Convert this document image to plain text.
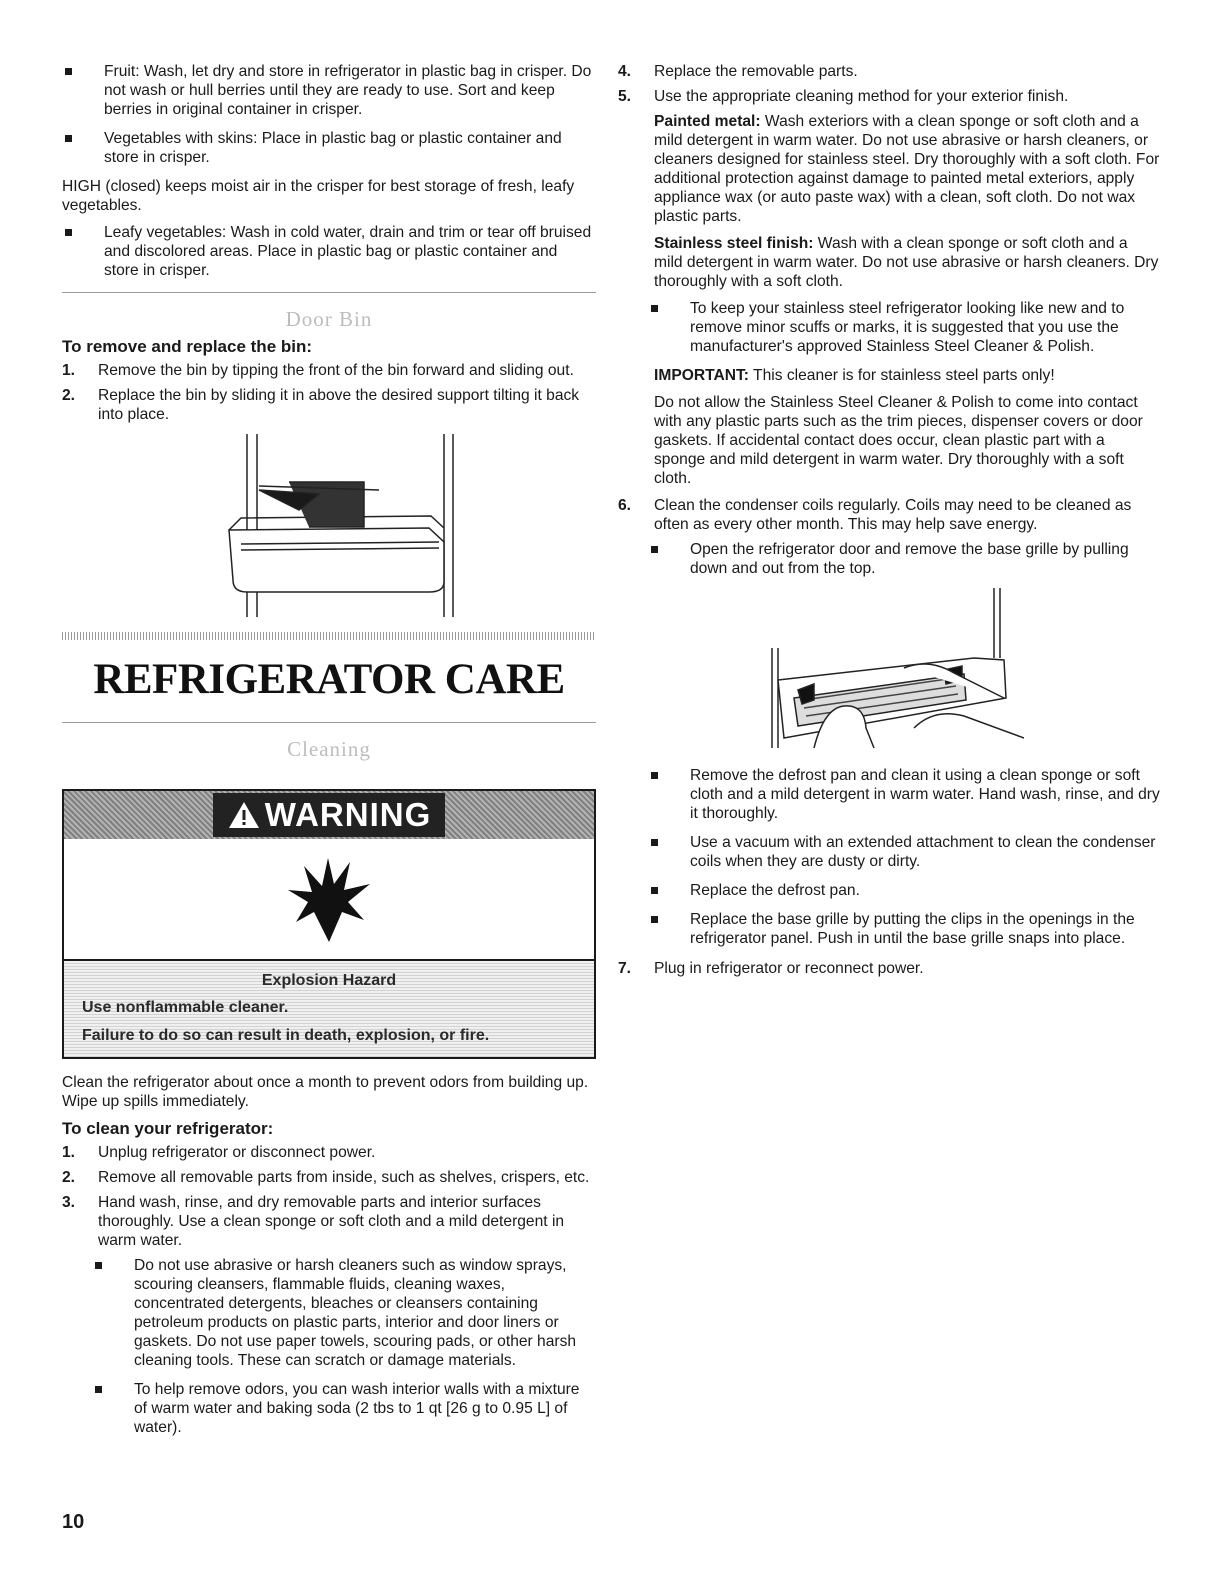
Fruit: Wash, let dry and store in refrigerator in plastic bag in crisper. Do not wash or hull berries until they are ready to use. Sort and keep berries in original container in crisper.
Vegetables with skins: Place in plastic bag or plastic container and store in crisper.

HIGH (closed) keeps moist air in the crisper for best storage of fresh, leafy vegetables.

Leafy vegetables: Wash in cold water, drain and trim or tear off bruised and discolored areas. Place in plastic bag or plastic container and store in crisper.
Door Bin
To remove and replace the bin:
1. Remove the bin by tipping the front of the bin forward and sliding out.
2. Replace the bin by sliding it in above the desired support tilting it back into place.
REFRIGERATOR CARE
Cleaning
WARNING
Explosion Hazard
Use nonflammable cleaner.
Failure to do so can result in death, explosion, or fire.

Clean the refrigerator about once a month to prevent odors from building up. Wipe up spills immediately.

To clean your refrigerator:
1. Unplug refrigerator or disconnect power.
2. Remove all removable parts from inside, such as shelves, crispers, etc.
3. Hand wash, rinse, and dry removable parts and interior surfaces thoroughly. Use a clean sponge or soft cloth and a mild detergent in warm water.
Do not use abrasive or harsh cleaners such as window sprays, scouring cleansers, flammable fluids, cleaning waxes, concentrated detergents, bleaches or cleansers containing petroleum products on plastic parts, interior and door liners or gaskets. Do not use paper towels, scouring pads, or other harsh cleaning tools. These can scratch or damage materials.
To help remove odors, you can wash interior walls with a mixture of warm water and baking soda (2 tbs to 1 qt [26 g to 0.95 L] of water).
4. Replace the removable parts.
5. Use the appropriate cleaning method for your exterior finish.

Painted metal: Wash exteriors with a clean sponge or soft cloth and a mild detergent in warm water. Do not use abrasive or harsh cleaners, or cleaners designed for stainless steel. Dry thoroughly with a soft cloth. For additional protection against damage to painted metal exteriors, apply appliance wax (or auto paste wax) with a clean, soft cloth. Do not wax plastic parts.

Stainless steel finish: Wash with a clean sponge or soft cloth and a mild detergent in warm water. Do not use abrasive or harsh cleaners. Dry thoroughly with a soft cloth.

To keep your stainless steel refrigerator looking like new and to remove minor scuffs or marks, it is suggested that you use the manufacturer's approved Stainless Steel Cleaner & Polish.

IMPORTANT: This cleaner is for stainless steel parts only!

Do not allow the Stainless Steel Cleaner & Polish to come into contact with any plastic parts such as the trim pieces, dispenser covers or door gaskets. If accidental contact does occur, clean plastic part with a sponge and mild detergent in warm water. Dry thoroughly with a soft cloth.

6. Clean the condenser coils regularly. Coils may need to be cleaned as often as every other month. This may help save energy.
Open the refrigerator door and remove the base grille by pulling down and out from the top.
Remove the defrost pan and clean it using a clean sponge or soft cloth and a mild detergent in warm water. Hand wash, rinse, and dry it thoroughly.
Use a vacuum with an extended attachment to clean the condenser coils when they are dusty or dirty.
Replace the defrost pan.
Replace the base grille by putting the clips in the openings in the refrigerator panel. Push in until the base grille snaps into place.
7. Plug in refrigerator or reconnect power.
10
